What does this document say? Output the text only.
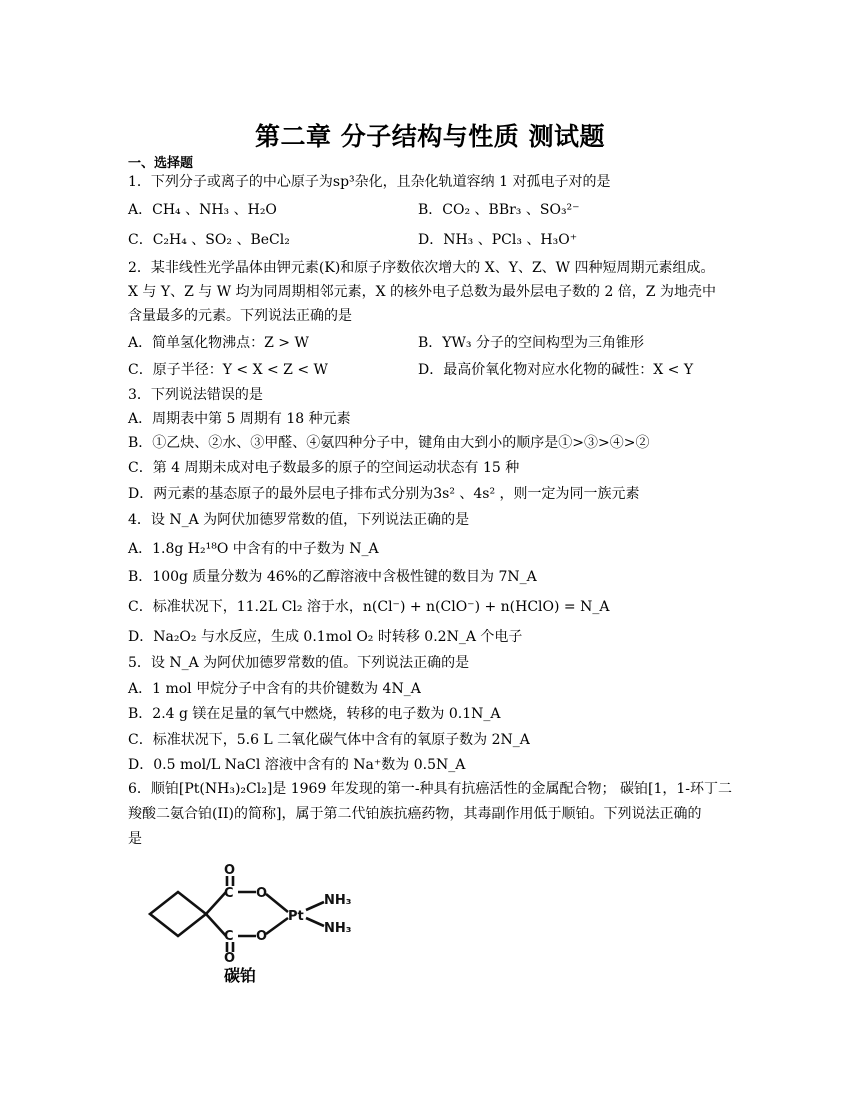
第二章 分子结构与性质 测试题
一、选择题
1．下列分子或离子的中心原子为sp³杂化，且杂化轨道容纳 1 对孤电子对的是
A．CH₄ 、NH₃ 、H₂O	B．CO₂ 、BBr₃ 、SO₃²⁻
C．C₂H₄ 、SO₂ 、BeCl₂	D．NH₃ 、PCl₃ 、H₃O⁺
2．某非线性光学晶体由钾元素(K)和原子序数依次增大的 X、Y、Z、W 四种短周期元素组成。
X 与 Y、Z 与 W 均为同周期相邻元素，X 的核外电子总数为最外层电子数的 2 倍，Z 为地壳中
含量最多的元素。下列说法正确的是
A．简单氢化物沸点：Z > W	B．YW₃ 分子的空间构型为三角锥形
C．原子半径：Y < X < Z < W	D．最高价氧化物对应水化物的碱性：X < Y
3．下列说法错误的是
A．周期表中第 5 周期有 18 种元素
B．①乙炔、②水、③甲醛、④氨四种分子中，键角由大到小的顺序是①>③>④>②
C．第 4 周期未成对电子数最多的原子的空间运动状态有 15 种
D．两元素的基态原子的最外层电子排布式分别为3s² 、4s² ，则一定为同一族元素
4．设 N_A 为阿伏加德罗常数的值，下列说法正确的是
A．1.8g H₂¹⁸O 中含有的中子数为 N_A
B．100g 质量分数为 46%的乙醇溶液中含极性键的数目为 7N_A
C．标准状况下，11.2L Cl₂ 溶于水，n(Cl⁻) + n(ClO⁻) + n(HClO) = N_A
D．Na₂O₂ 与水反应，生成 0.1mol O₂ 时转移 0.2N_A 个电子
5．设 N_A 为阿伏加德罗常数的值。下列说法正确的是
A．1 mol 甲烷分子中含有的共价键数为 4N_A
B．2.4 g 镁在足量的氧气中燃烧，转移的电子数为 0.1N_A
C．标准状况下，5.6 L 二氧化碳气体中含有的氧原子数为 2N_A
D．0.5 mol/L NaCl 溶液中含有的 Na⁺数为 0.5N_A
6．顺铂[Pt(NH₃)₂Cl₂]是 1969 年发现的第一-种具有抗癌活性的金属配合物； 碳铂[1，1-环丁二
羧酸二氨合铂(II)的简称]，属于第二代铂族抗癌药物，其毒副作用低于顺铂。下列说法正确的
是
O
C O
C
O
O
Pt
NH₃
NH₃
碳铂
